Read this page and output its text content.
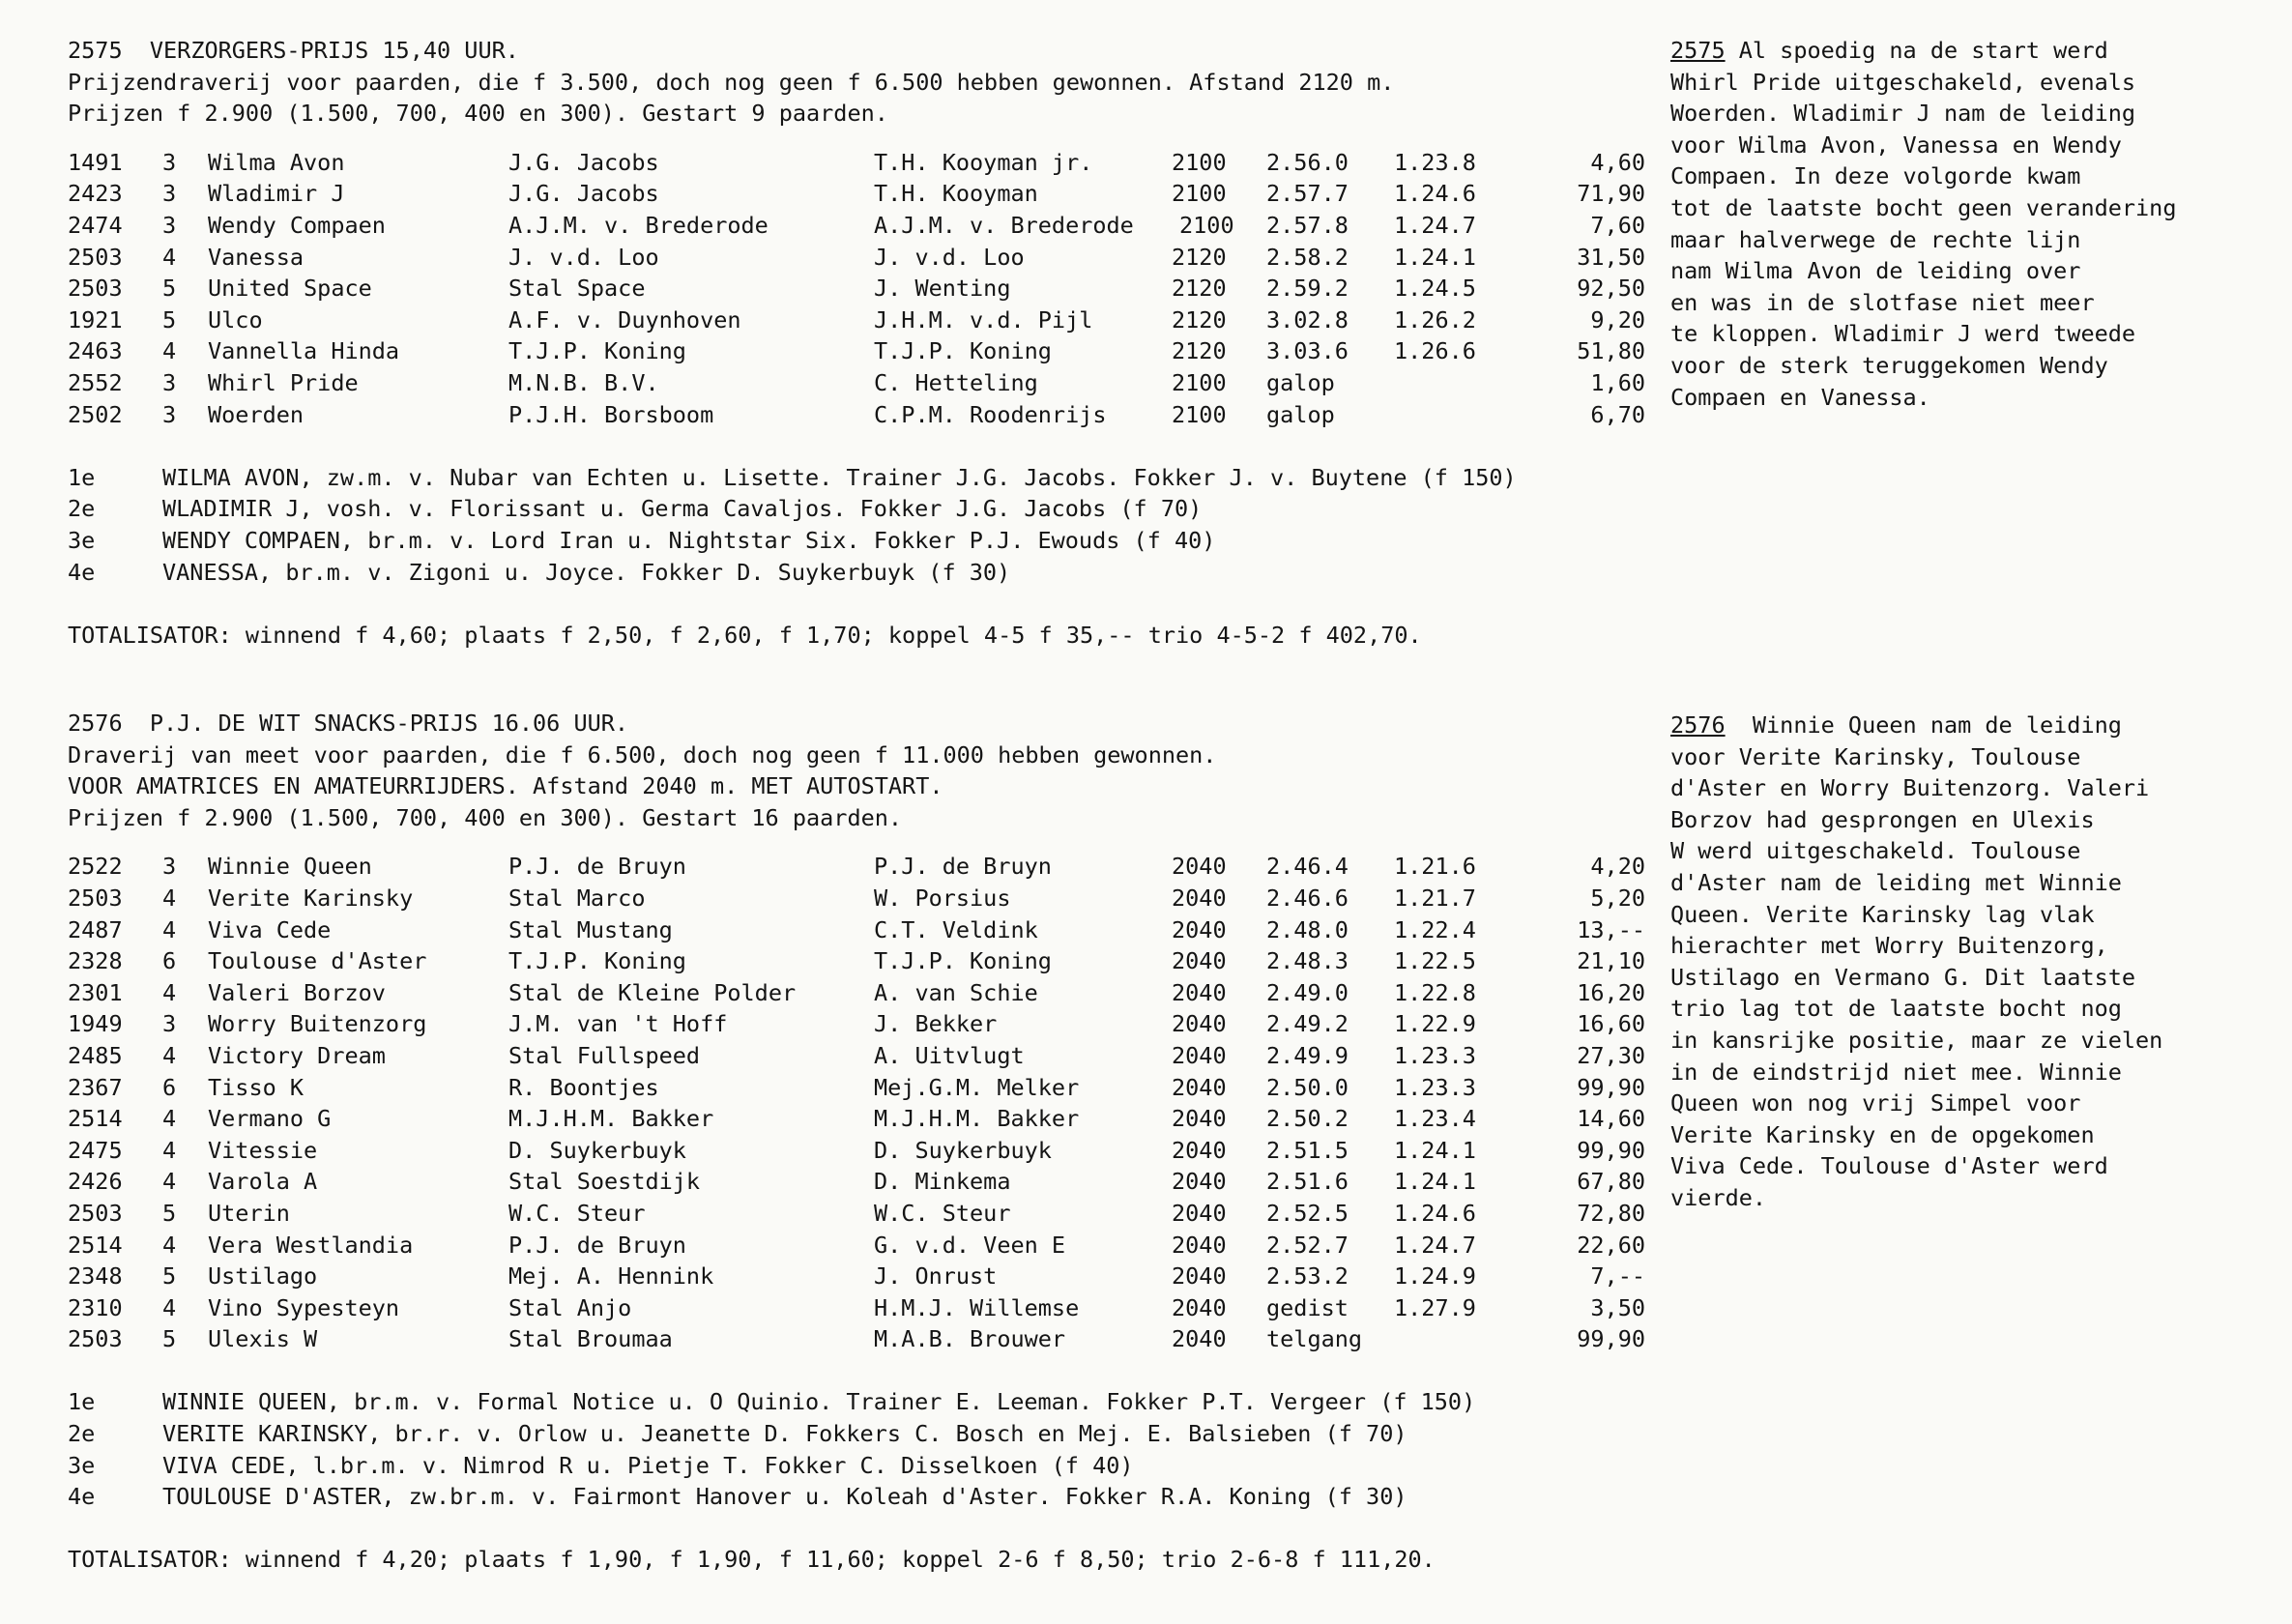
2575  VERZORGERS-PRIJS 15,40 UUR.
Prijzendraverij voor paarden, die f 3.500, doch nog geen f 6.500 hebben gewonnen. Afstand 2120 m.
Prijzen f 2.900 (1.500, 700, 400 en 300). Gestart 9 paarden.
1491 3 Wilma Avon	J.G. Jacobs	T.H. Kooyman jr.	2100 2.56.0 1.23.8	4,60
2423 3 Wladimir J	J.G. Jacobs	T.H. Kooyman	2100 2.57.7 1.24.6	71,90
2474 3 Wendy Compaen	A.J.M. v. Brederode	A.J.M. v. Brederode 2100 2.57.8 1.24.7	7,60
2503 4 Vanessa	J. v.d. Loo	J. v.d. Loo	2120 2.58.2 1.24.1	31,50
2503 5 United Space	Stal Space	J. Wenting	2120 2.59.2 1.24.5	92,50
1921 5 Ulco	A.F. v. Duynhoven	J.H.M. v.d. Pijl	2120 3.02.8 1.26.2	9,20
2463 4 Vannella Hinda	T.J.P. Koning	T.J.P. Koning	2120 3.03.6 1.26.6	51,80
2552 3 Whirl Pride	M.N.B. B.V.	C. Hetteling	2100 galop	1,60
2502 3 Woerden	P.J.H. Borsboom	C.P.M. Roodenrijs	2100 galop	6,70
1e	WILMA AVON, zw.m. v. Nubar van Echten u. Lisette. Trainer J.G. Jacobs. Fokker J. v. Buytene (f 150)
2e	WLADIMIR J, vosh. v. Florissant u. Germa Cavaljos. Fokker J.G. Jacobs (f 70)
3e	WENDY COMPAEN, br.m. v. Lord Iran u. Nightstar Six. Fokker P.J. Ewouds (f 40)
4e	VANESSA, br.m. v. Zigoni u. Joyce. Fokker D. Suykerbuyk (f 30)
TOTALISATOR: winnend f 4,60; plaats f 2,50, f 2,60, f 1,70; koppel 4-5 f 35,-- trio 4-5-2 f 402,70.
2575 Al spoedig na de start werd
Whirl Pride uitgeschakeld, evenals
Woerden. Wladimir J nam de leiding
voor Wilma Avon, Vanessa en Wendy
Compaen. In deze volgorde kwam
tot de laatste bocht geen verandering
maar halverwege de rechte lijn
nam Wilma Avon de leiding over
en was in de slotfase niet meer
te kloppen. Wladimir J werd tweede
voor de sterk teruggekomen Wendy
Compaen en Vanessa.
2576  P.J. DE WIT SNACKS-PRIJS 16.06 UUR.
Draverij van meet voor paarden, die f 6.500, doch nog geen f 11.000 hebben gewonnen.
VOOR AMATRICES EN AMATEURRIJDERS. Afstand 2040 m. MET AUTOSTART.
Prijzen f 2.900 (1.500, 700, 400 en 300). Gestart 16 paarden.
2522 3 Winnie Queen	P.J. de Bruyn	P.J. de Bruyn	2040 2.46.4 1.21.6	4,20
2503 4 Verite Karinsky	Stal Marco	W. Porsius	2040 2.46.6 1.21.7	5,20
2487 4 Viva Cede	Stal Mustang	C.T. Veldink	2040 2.48.0 1.22.4	13,--
2328 6 Toulouse d'Aster	T.J.P. Koning	T.J.P. Koning	2040 2.48.3 1.22.5	21,10
2301 4 Valeri Borzov	Stal de Kleine Polder	A. van Schie	2040 2.49.0 1.22.8	16,20
1949 3 Worry Buitenzorg	J.M. van 't Hoff	J. Bekker	2040 2.49.2 1.22.9	16,60
2485 4 Victory Dream	Stal Fullspeed	A. Uitvlugt	2040 2.49.9 1.23.3	27,30
2367 6 Tisso K	R. Boontjes	Mej.G.M. Melker	2040 2.50.0 1.23.3	99,90
2514 4 Vermano G	M.J.H.M. Bakker	M.J.H.M. Bakker	2040 2.50.2 1.23.4	14,60
2475 4 Vitessie	D. Suykerbuyk	D. Suykerbuyk	2040 2.51.5 1.24.1	99,90
2426 4 Varola A	Stal Soestdijk	D. Minkema	2040 2.51.6 1.24.1	67,80
2503 5 Uterin	W.C. Steur	W.C. Steur	2040 2.52.5 1.24.6	72,80
2514 4 Vera Westlandia	P.J. de Bruyn	G. v.d. Veen E	2040 2.52.7 1.24.7	22,60
2348 5 Ustilago	Mej. A. Hennink	J. Onrust	2040 2.53.2 1.24.9	7,--
2310 4 Vino Sypesteyn	Stal Anjo	H.M.J. Willemse	2040 gedist 1.27.9	3,50
2503 5 Ulexis W	Stal Broumaa	M.A.B. Brouwer	2040 telgang	99,90
1e	WINNIE QUEEN, br.m. v. Formal Notice u. O Quinio. Trainer E. Leeman. Fokker P.T. Vergeer (f 150)
2e	VERITE KARINSKY, br.r. v. Orlow u. Jeanette D. Fokkers C. Bosch en Mej. E. Balsieben (f 70)
3e	VIVA CEDE, l.br.m. v. Nimrod R u. Pietje T. Fokker C. Disselkoen (f 40)
4e	TOULOUSE D'ASTER, zw.br.m. v. Fairmont Hanover u. Koleah d'Aster. Fokker R.A. Koning (f 30)
TOTALISATOR: winnend f 4,20; plaats f 1,90, f 1,90, f 11,60; koppel 2-6 f 8,50; trio 2-6-8 f 111,20.
2576  Winnie Queen nam de leiding
voor Verite Karinsky, Toulouse
d'Aster en Worry Buitenzorg. Valeri
Borzov had gesprongen en Ulexis
W werd uitgeschakeld. Toulouse
d'Aster nam de leiding met Winnie
Queen. Verite Karinsky lag vlak
hierachter met Worry Buitenzorg,
Ustilago en Vermano G. Dit laatste
trio lag tot de laatste bocht nog
in kansrijke positie, maar ze vielen
in de eindstrijd niet mee. Winnie
Queen won nog vrij Simpel voor
Verite Karinsky en de opgekomen
Viva Cede. Toulouse d'Aster werd
vierde.
